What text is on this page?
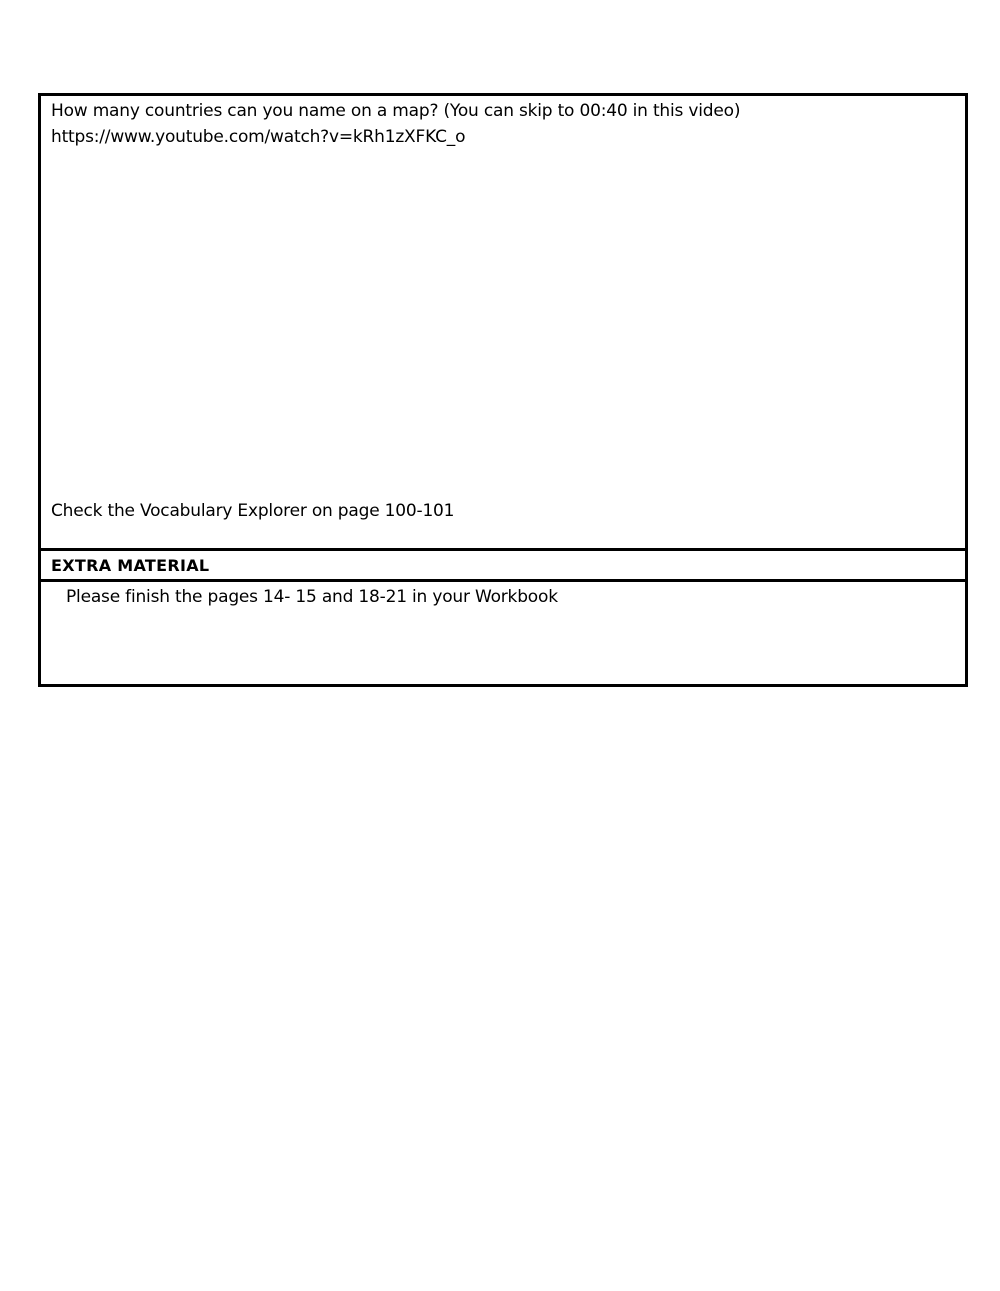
How many countries can you name on a map? (You can skip to 00:40 in this video)
https://www.youtube.com/watch?v=kRh1zXFKC_o
Check the Vocabulary Explorer on page 100-101
EXTRA MATERIAL
Please finish the pages 14- 15 and 18-21 in your Workbook
